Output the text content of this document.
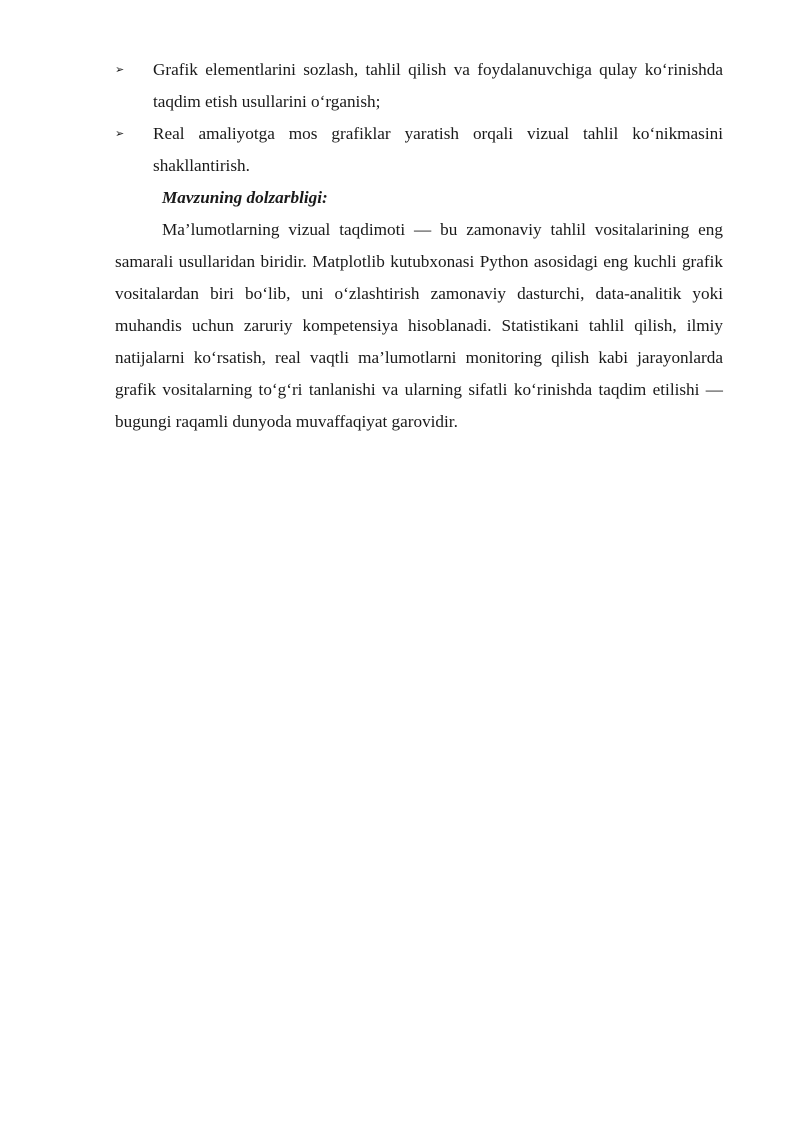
➢ Grafik elementlarini sozlash, tahlil qilish va foydalanuvchiga qulay ko‘rinishda taqdim etish usullarini o‘rganish;
➢ Real amaliyotga mos grafiklar yaratish orqali vizual tahlil ko‘nikmasini shakllantirish.
Mavzuning dolzarbligi:

Ma’lumotlarning vizual taqdimoti — bu zamonaviy tahlil vositalarining eng samarali usullaridan biridir. Matplotlib kutubxonasi Python asosidagi eng kuchli grafik vositalardan biri bo‘lib, uni o‘zlashtirish zamonaviy dasturchi, data-analitik yoki muhandis uchun zaruriy kompetensiya hisoblanadi. Statistikani tahlil qilish, ilmiy natijalarni ko‘rsatish, real vaqtli ma’lumotlarni monitoring qilish kabi jarayonlarda grafik vositalarning to‘g‘ri tanlanishi va ularning sifatli ko‘rinishda taqdim etilishi — bugungi raqamli dunyoda muvaffaqiyat garovidir.
